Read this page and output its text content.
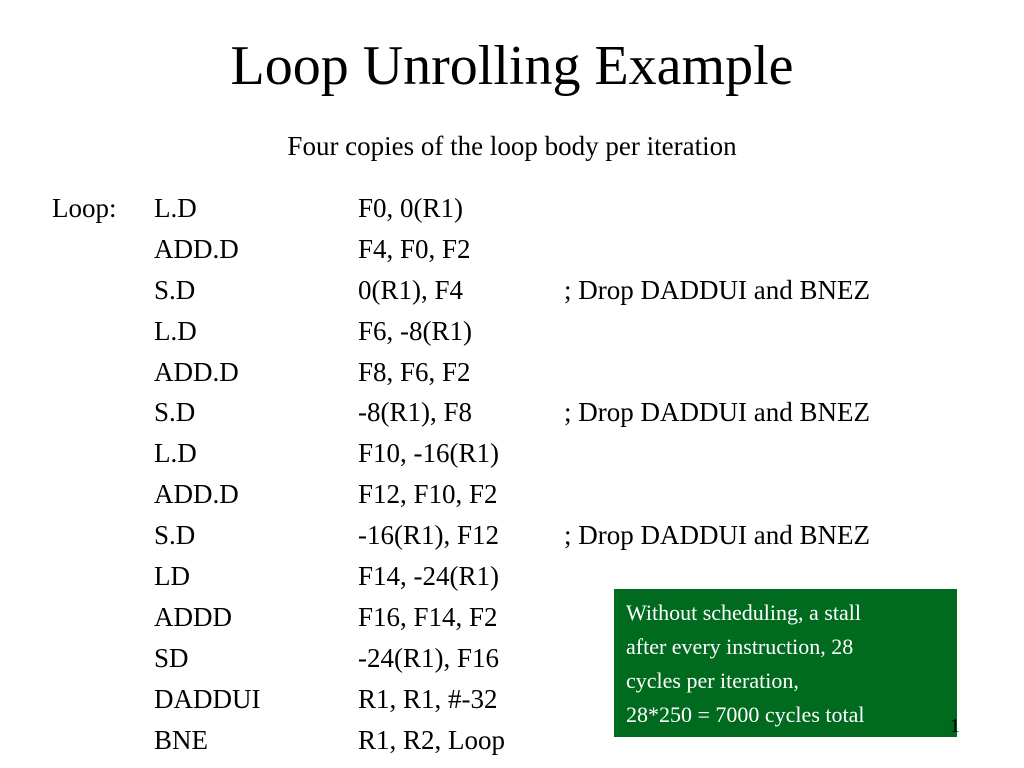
Loop Unrolling Example
Four copies of the loop body per iteration
Loop: L.D	F0, 0(R1)
ADD.D	F4, F0, F2
S.D	0(R1), F4	; Drop DADDUI and BNEZ
L.D	F6, -8(R1)
ADD.D	F8, F6, F2
S.D	-8(R1), F8	; Drop DADDUI and BNEZ
L.D	F10, -16(R1)
ADD.D	F12, F10, F2
S.D	-16(R1), F12 ; Drop DADDUI and BNEZ
LD	F14, -24(R1)
ADDD	F16, F14, F2
SD	-24(R1), F16
DADDUI	R1, R1, #-32
BNE	R1, R2, Loop
Without scheduling, a stall
after every instruction, 28
cycles per iteration,
28*250 = 7000 cycles total	1
